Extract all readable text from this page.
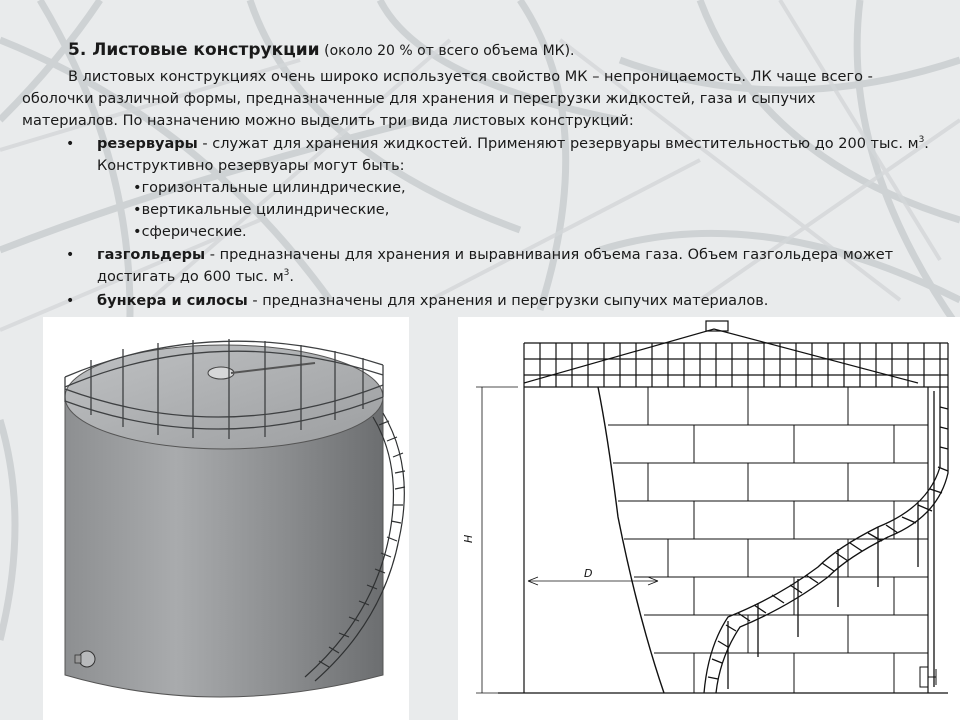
5. Листовые конструкции (около 20 % от всего объема МК).
В листовых конструкциях очень широко используется свойство МК – непроницаемость. ЛК чаще всего -
оболочки различной формы, предназначенные для хранения и перегрузки жидкостей, газа и сыпучих
материалов. По назначению можно выделить три вида листовых конструкций:
• резервуары - служат для хранения жидкостей. Применяют резервуары вместительностью до 200 тыс. $м^3$.
Конструктивно резервуары могут быть:
•горизонтальные цилиндрические,
•вертикальные цилиндрические,
•сферические.
• газгольдеры - предназначены для хранения и выравнивания объема газа. Объем газгольдера может
достигать до 600 тыс. $м^3$.
• бункера и силосы - предназначены для хранения и перегрузки сыпучих материалов.
H
D
